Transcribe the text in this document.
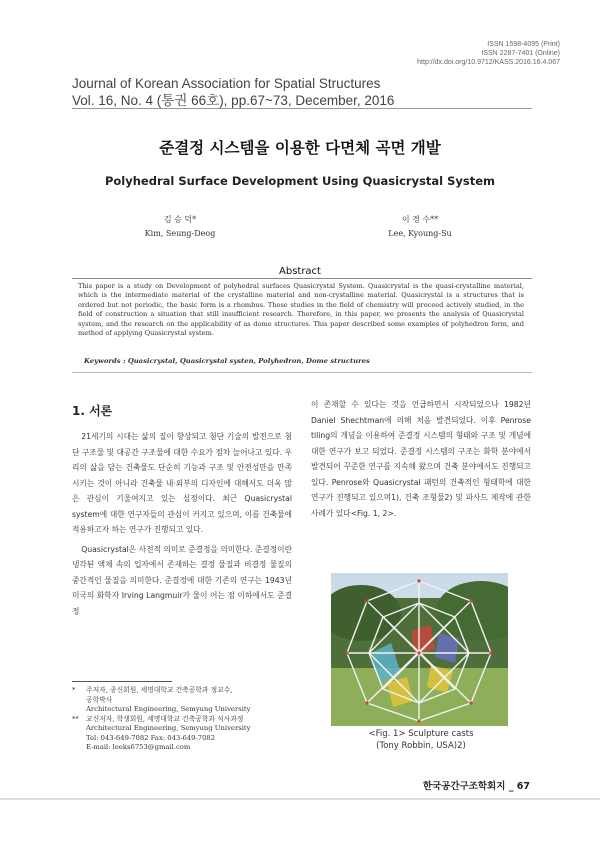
ISSN 1598-4095 (Print)
ISSN 2287-7401 (Online)
http://dx.doi.org/10.9712/KASS.2016.16.4.067
Journal of Korean Association for Spatial Structures
Vol. 16, No. 4 (통권 66호), pp.67~73, December, 2016
준결정 시스템을 이용한 다면체 곡면 개발
Polyhedral Surface Development Using Quasicrystal System
김 승 덕*
Kim, Seung-Deog
이 경 수**
Lee, Kyoung-Su
Abstract
This paper is a study on Development of polyhedral surfaces Quasicrystal System. Quasicrystal is the quasi-crystalline material, which is the intermediate material of the crystalline material and non-crystalline material. Quasicrystal is a structures that is ordered but not periodic, the basic form is a rhombus. These studies in the field of chemistry will proceed actively studied, in the field of construction a situation that still insufficient research. Therefore, in this paper, we presents the analysis of Quasicrystal system, and the research on the applicability of as dome structures. This paper described some examples of polyhedron form, and method of applying Quasicrystal system.
Keywords : Quasicrystal, Quasicrystal systen, Polyhedron, Dome structures
1. 서론

21세기의 시대는 삶의 질이 향상되고 첨단 기술의 발전으로 첨단 구조물 및 대공간 구조물에 대한 수요가 점차 늘어나고 있다. 우리의 삶을 담는 건축물도 단순히 기능과 구조 및 안전성만을 만족시키는 것이 아니라 건축물 내·외부의 디자인에 대해서도 더욱 많은 관심이 기울여지고 있는 실정이다. 최근 Quasicrystal system에 대한 연구자들의 관심이 커지고 있으며, 이를 건축물에 적용하고자 하는 연구가 진행되고 있다.

Quasicrystal은 사전적 의미로 준결정을 의미한다. 준결정이란 냉각된 액체 속의 입자에서 존재하는 결정 물질과 비결정 물질의 중간적인 물질을 의미한다. 준결정에 대한 기존의 연구는 1943년 미국의 화학자 Irving Langmuir가 물이 어는 점 이하에서도 준결정

이 존재할 수 있다는 것을 언급하면서 시작되었으나 1982년 Daniel Shechtman에 의해 처음 발견되었다. 이후 Penrose tiling의 개념을 이용하여 준결정 시스템의 형태와 구조 및 개념에 대한 연구가 보고 되었다. 준결정 시스템의 구조는 화학 분야에서 발견되어 꾸준한 연구를 지속해 왔으며 건축 분야에서도 진행되고 있다. Penrose와 Quasicrystal 패턴의 건축적인 형태학에 대한 연구가 진행되고 있으며1), 건축 조형물2) 및 파사드 제작에 관한 사례가 있다<Fig. 1, 2>.

*	주저자, 종신회원, 세명대학교 건축공학과 정교수,
공학박사
Architectural Engineering, Semyung University
**	교신저자, 학생회원, 세명대학교 건축공학과 석사과정
Architectural Engineering, Semyung University
Tel: 043-649-7082 Fax: 043-649-7082
E-mail: leeks6753@gmail.com
<Fig. 1> Sculpture casts
(Tony Robbin, USA)2)
한국공간구조학회지 _ 67
